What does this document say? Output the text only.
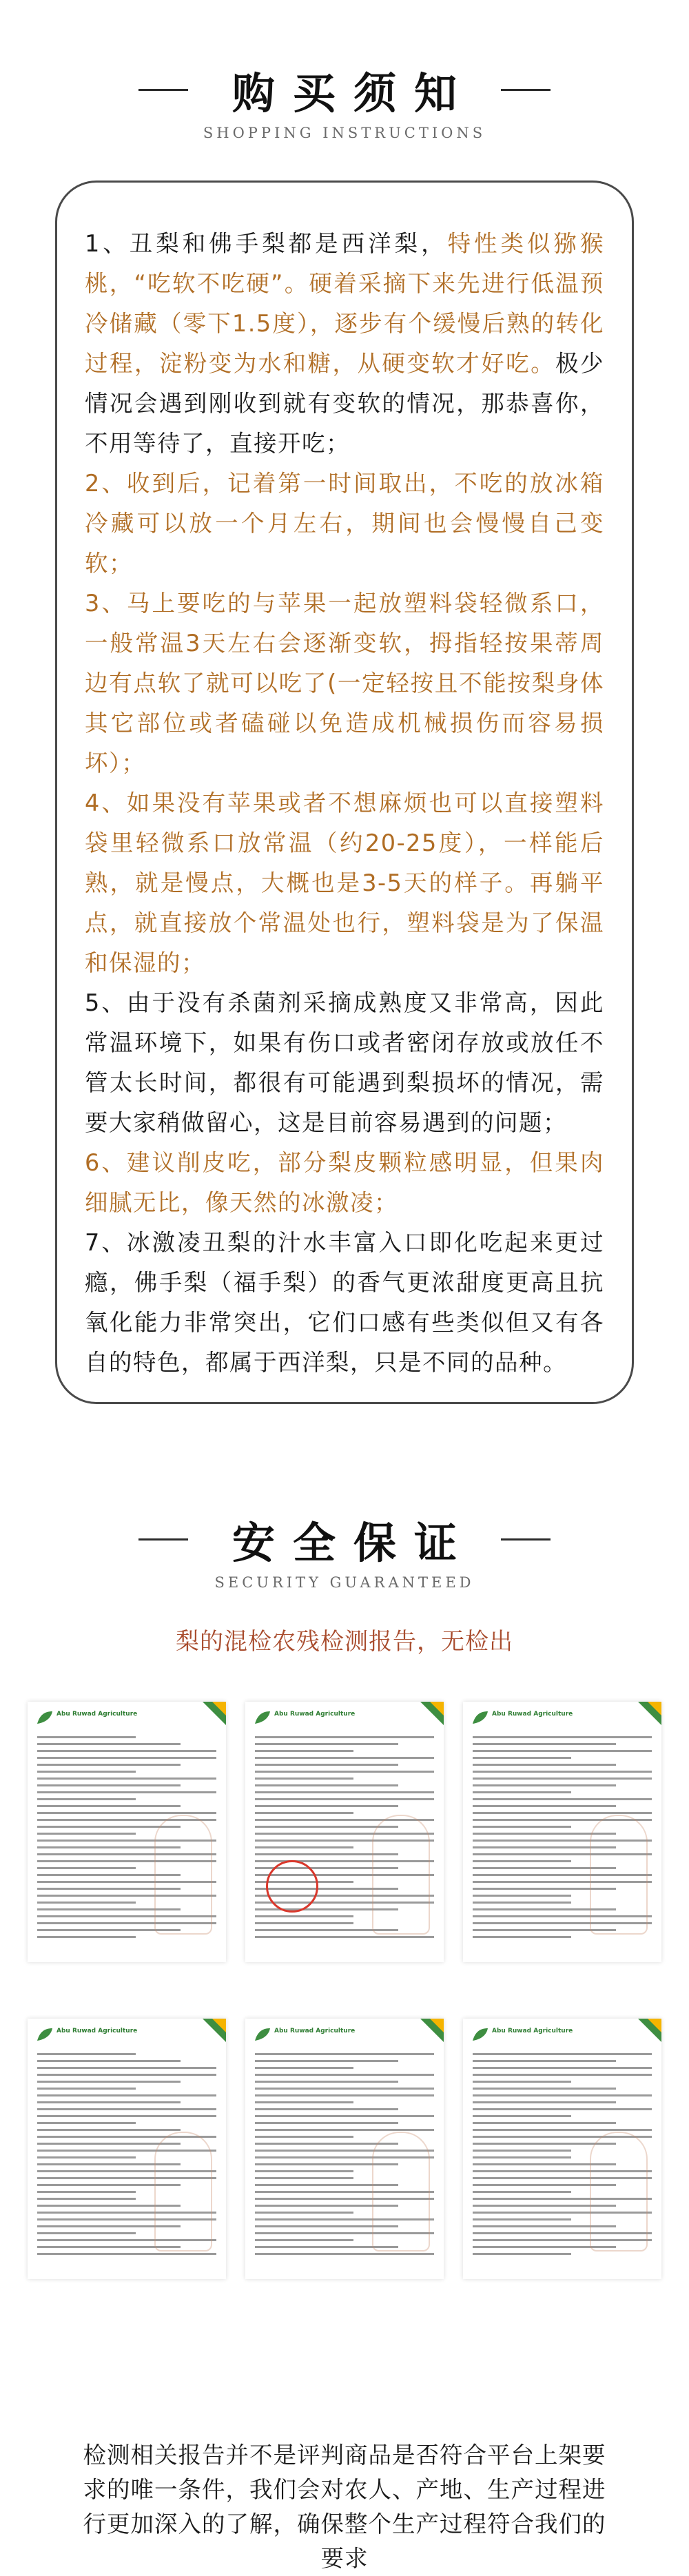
购买须知
SHOPPING INSTRUCTIONS
1、丑梨和佛手梨都是西洋梨，特性类似猕猴桃，“吃软不吃硬”。硬着采摘下来先进行低温预冷储藏（零下1.5度），逐步有个缓慢后熟的转化过程，淀粉变为水和糖，从硬变软才好吃。极少情况会遇到刚收到就有变软的情况，那恭喜你，不用等待了，直接开吃；
2、收到后，记着第一时间取出，不吃的放冰箱冷藏可以放一个月左右，期间也会慢慢自己变软；
3、马上要吃的与苹果一起放塑料袋轻微系口，一般常温3天左右会逐渐变软，拇指轻按果蒂周边有点软了就可以吃了(一定轻按且不能按梨身体其它部位或者磕碰以免造成机械损伤而容易损坏）；
4、如果没有苹果或者不想麻烦也可以直接塑料袋里轻微系口放常温（约20-25度），一样能后熟，就是慢点，大概也是3-5天的样子。再躺平点，就直接放个常温处也行，塑料袋是为了保温和保湿的；
5、由于没有杀菌剂采摘成熟度又非常高，因此常温环境下，如果有伤口或者密闭存放或放任不管太长时间，都很有可能遇到梨损坏的情况，需要大家稍做留心，这是目前容易遇到的问题；
6、建议削皮吃，部分梨皮颗粒感明显，但果肉细腻无比，像天然的冰激凌；
7、冰激凌丑梨的汁水丰富入口即化吃起来更过瘾，佛手梨（福手梨）的香气更浓甜度更高且抗氧化能力非常突出，它们口感有些类似但又有各自的特色，都属于西洋梨，只是不同的品种。
安全保证
SECURITY GUARANTEED
梨的混检农残检测报告，无检出
Abu Ruwad Agriculture	Abu Ruwad Agriculture	Abu Ruwad Agriculture
Abu Ruwad Agriculture	Abu Ruwad Agriculture	Abu Ruwad Agriculture
检测相关报告并不是评判商品是否符合平台上架要求的唯一条件，我们会对农人、产地、生产过程进行更加深入的了解，确保整个生产过程符合我们的要求
